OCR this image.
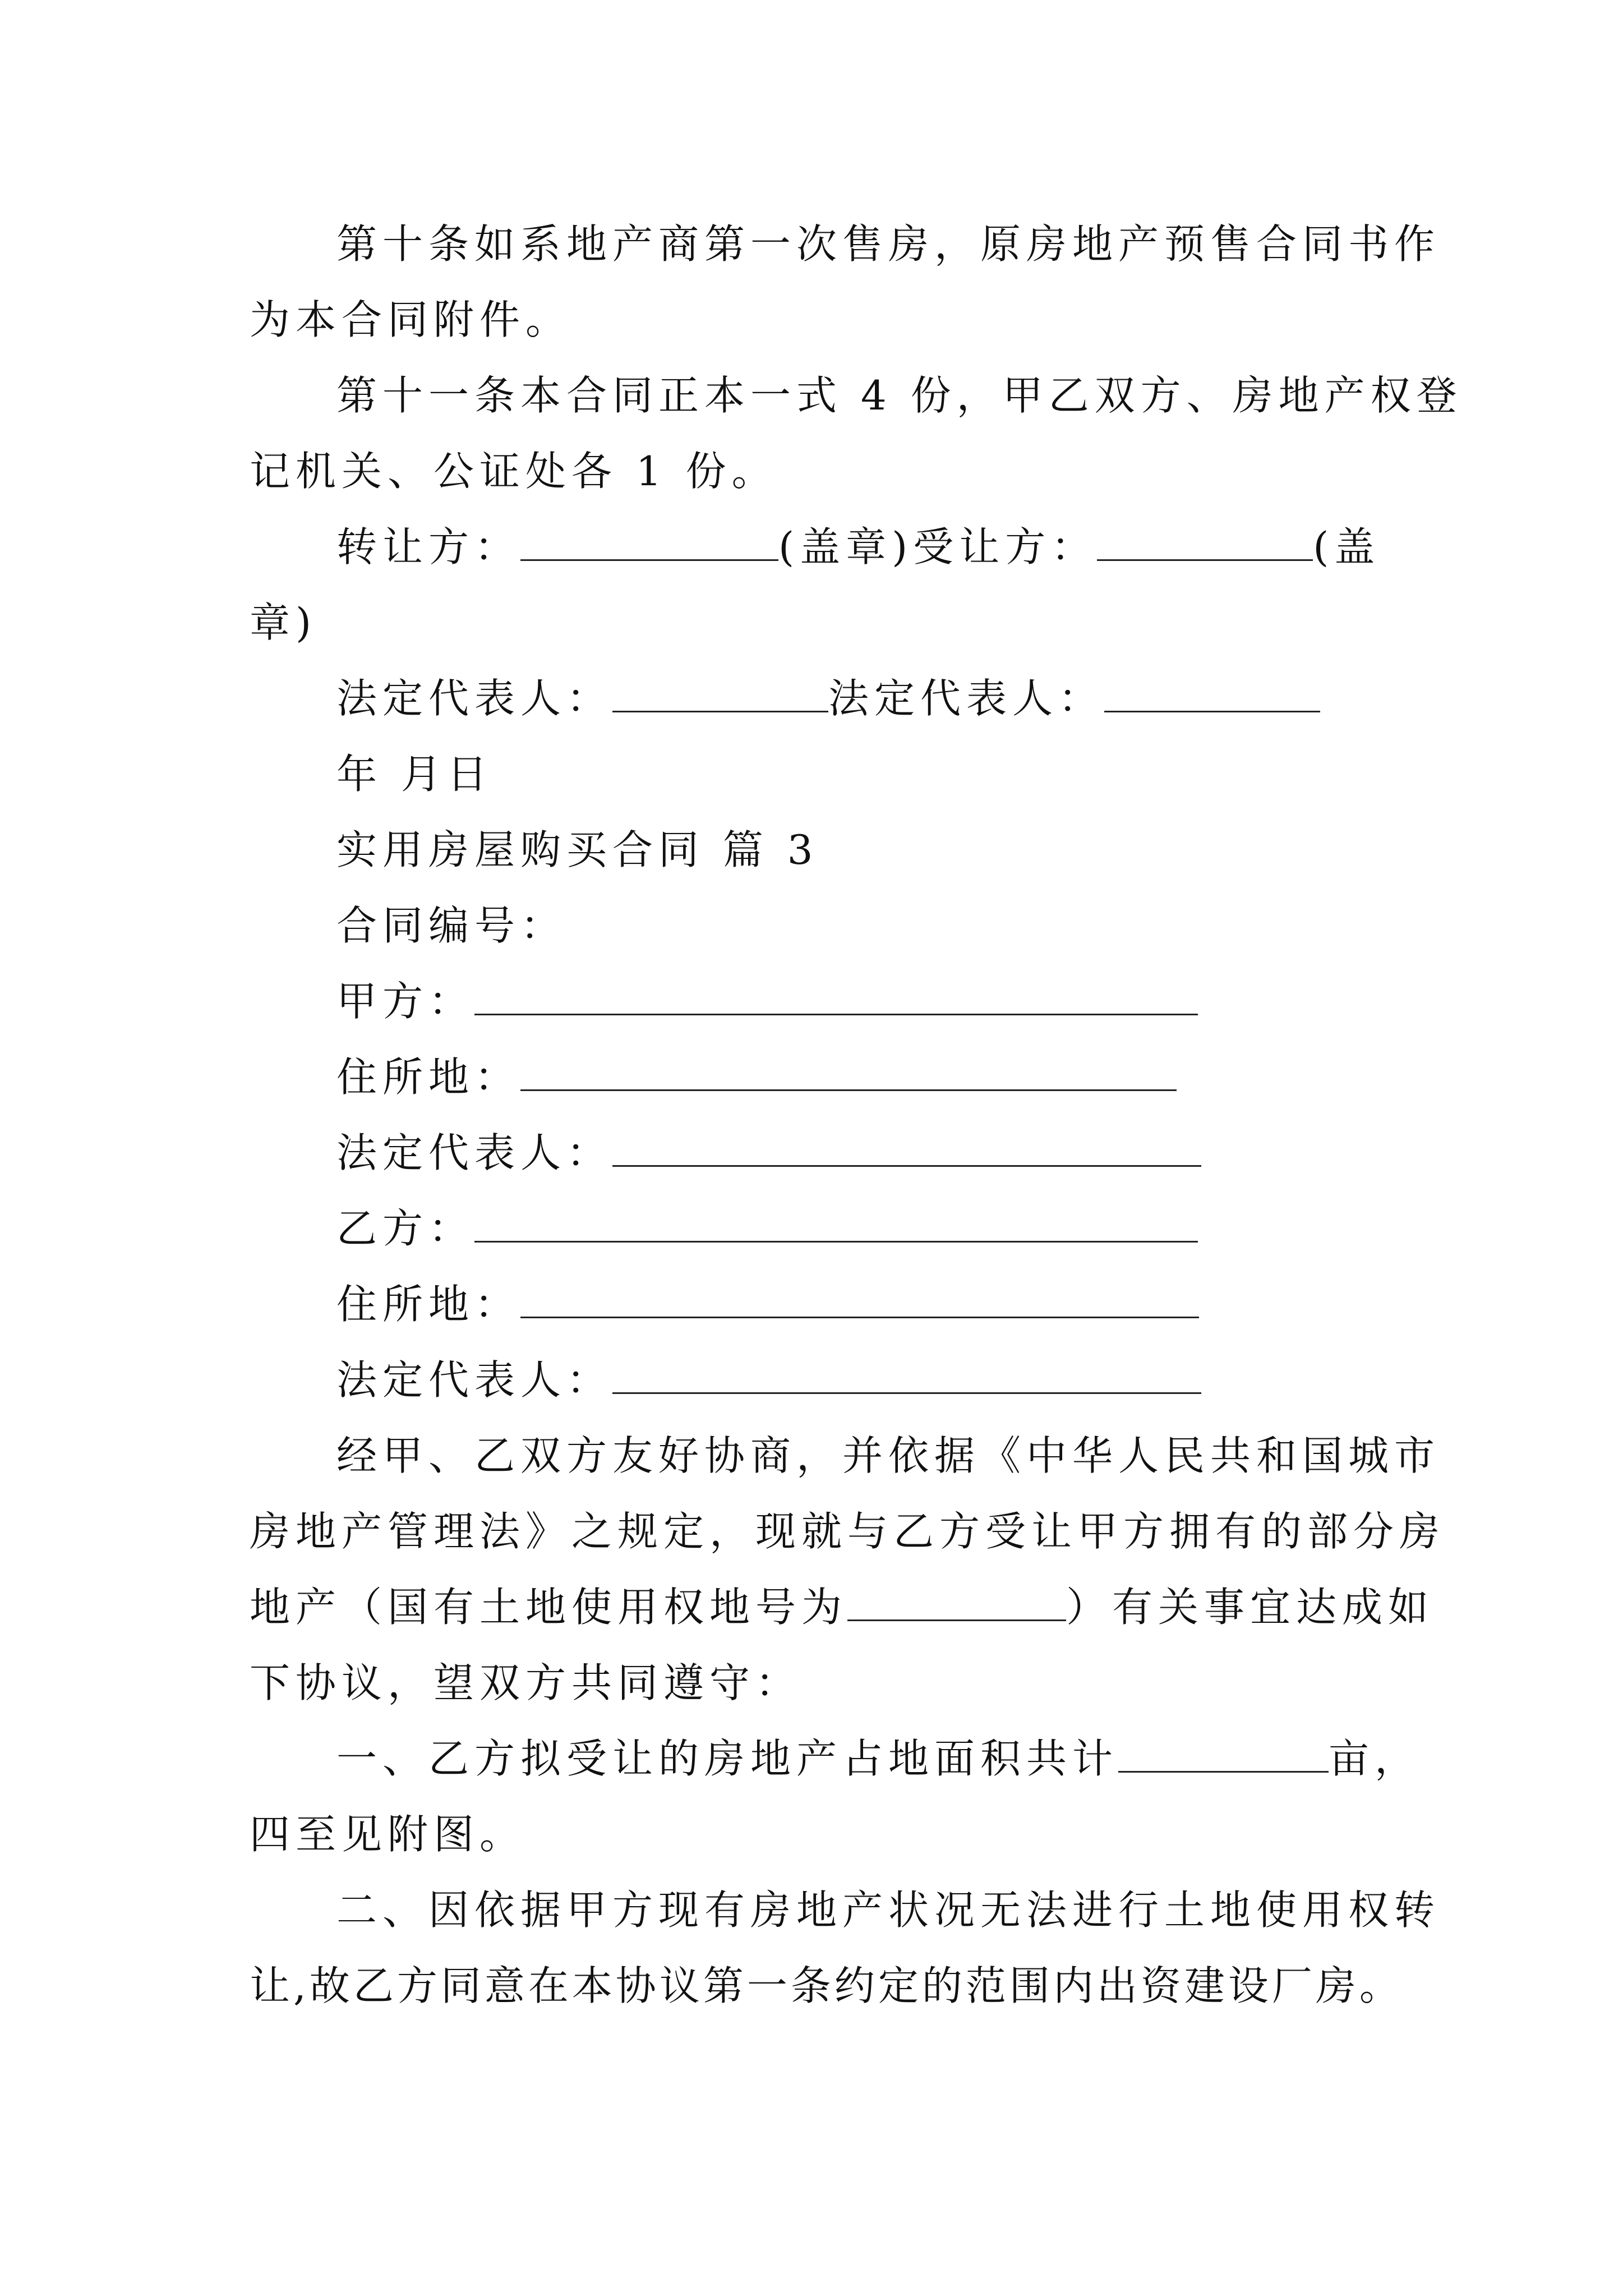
第十条如系地产商第一次售房，原房地产预售合同书作
为本合同附件。
第十一条本合同正本一式 4 份，甲乙双方、房地产权登
记机关、公证处各 1 份。
转让方：	(盖章)受让方：	(盖
章)
法定代表人：	法定代表人：
年 月日
实用房屋购买合同 篇 3
合同编号：
甲方：
住所地：
法定代表人：
乙方：
住所地：
法定代表人：
经甲、乙双方友好协商，并依据《中华人民共和国城市
房地产管理法》之规定，现就与乙方受让甲方拥有的部分房
地产（国有土地使用权地号为	）有关事宜达成如
下协议，望双方共同遵守：
一、乙方拟受让的房地产占地面积共计	亩，
四至见附图。
二、因依据甲方现有房地产状况无法进行土地使用权转
让,故乙方同意在本协议第一条约定的范围内出资建设厂房。
